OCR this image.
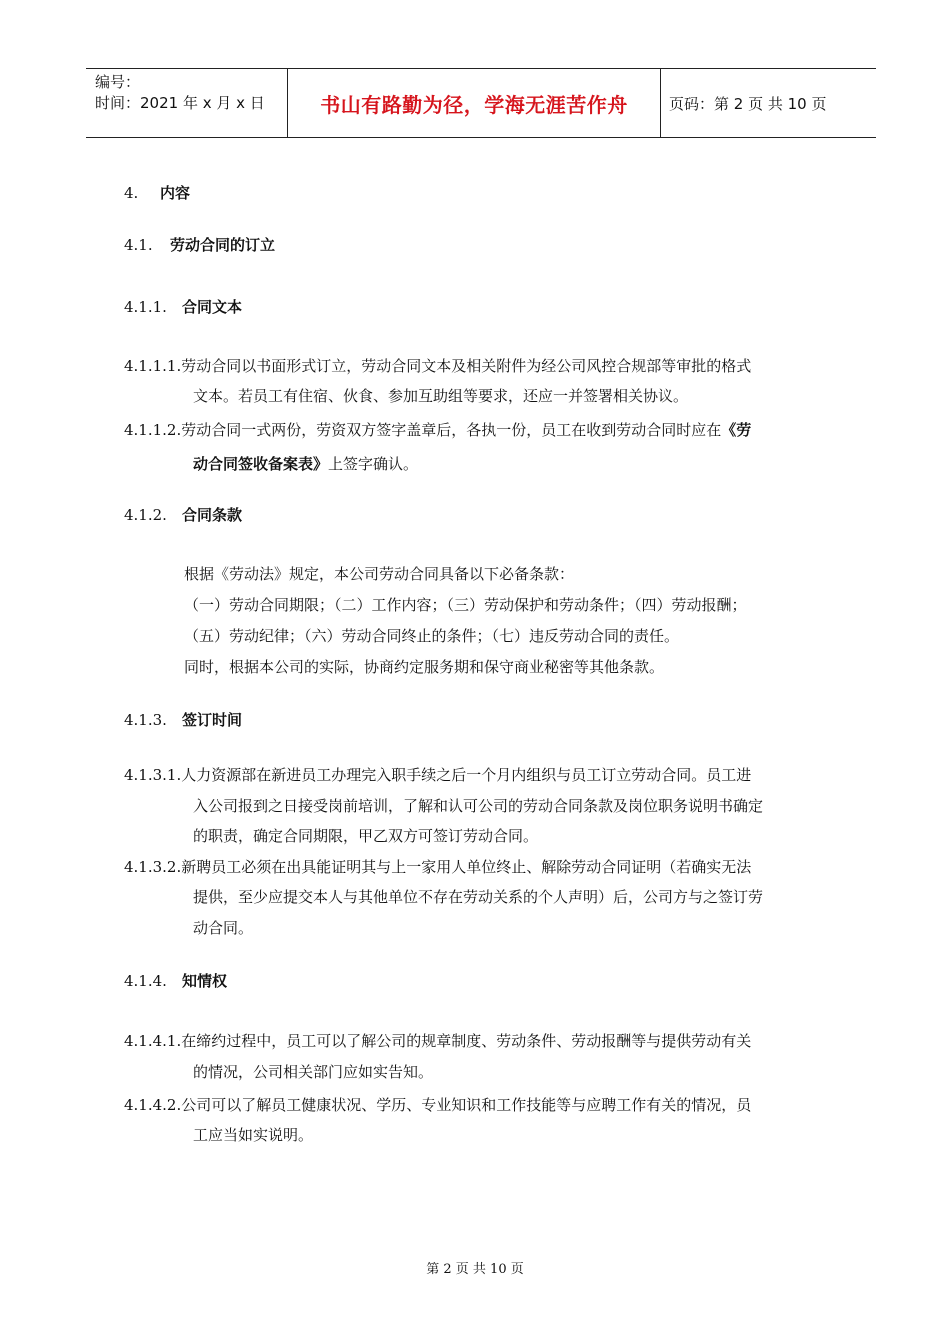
编号：
时间：2021 年 x 月 x 日	书山有路勤为径，学海无涯苦作舟	页码：第 2 页 共 10 页
4. 内容
4.1. 劳动合同的订立
4.1.1. 合同文本
4.1.1.1.劳动合同以书面形式订立，劳动合同文本及相关附件为经公司风控合规部等审批的格式
文本。若员工有住宿、伙食、参加互助组等要求，还应一并签署相关协议。
4.1.1.2.劳动合同一式两份，劳资双方签字盖章后，各执一份，员工在收到劳动合同时应在《劳
动合同签收备案表》上签字确认。
4.1.2. 合同条款
根据《劳动法》规定，本公司劳动合同具备以下必备条款：
（一）劳动合同期限；（二）工作内容；（三）劳动保护和劳动条件；（四）劳动报酬；
（五）劳动纪律；（六）劳动合同终止的条件；（七）违反劳动合同的责任。
同时，根据本公司的实际，协商约定服务期和保守商业秘密等其他条款。
4.1.3. 签订时间
4.1.3.1.人力资源部在新进员工办理完入职手续之后一个月内组织与员工订立劳动合同。员工进
入公司报到之日接受岗前培训，了解和认可公司的劳动合同条款及岗位职务说明书确定
的职责，确定合同期限，甲乙双方可签订劳动合同。
4.1.3.2.新聘员工必须在出具能证明其与上一家用人单位终止、解除劳动合同证明（若确实无法
提供，至少应提交本人与其他单位不存在劳动关系的个人声明）后，公司方与之签订劳
动合同。
4.1.4. 知情权
4.1.4.1.在缔约过程中，员工可以了解公司的规章制度、劳动条件、劳动报酬等与提供劳动有关
的情况，公司相关部门应如实告知。
4.1.4.2.公司可以了解员工健康状况、学历、专业知识和工作技能等与应聘工作有关的情况，员
工应当如实说明。
第 2 页 共 10 页
